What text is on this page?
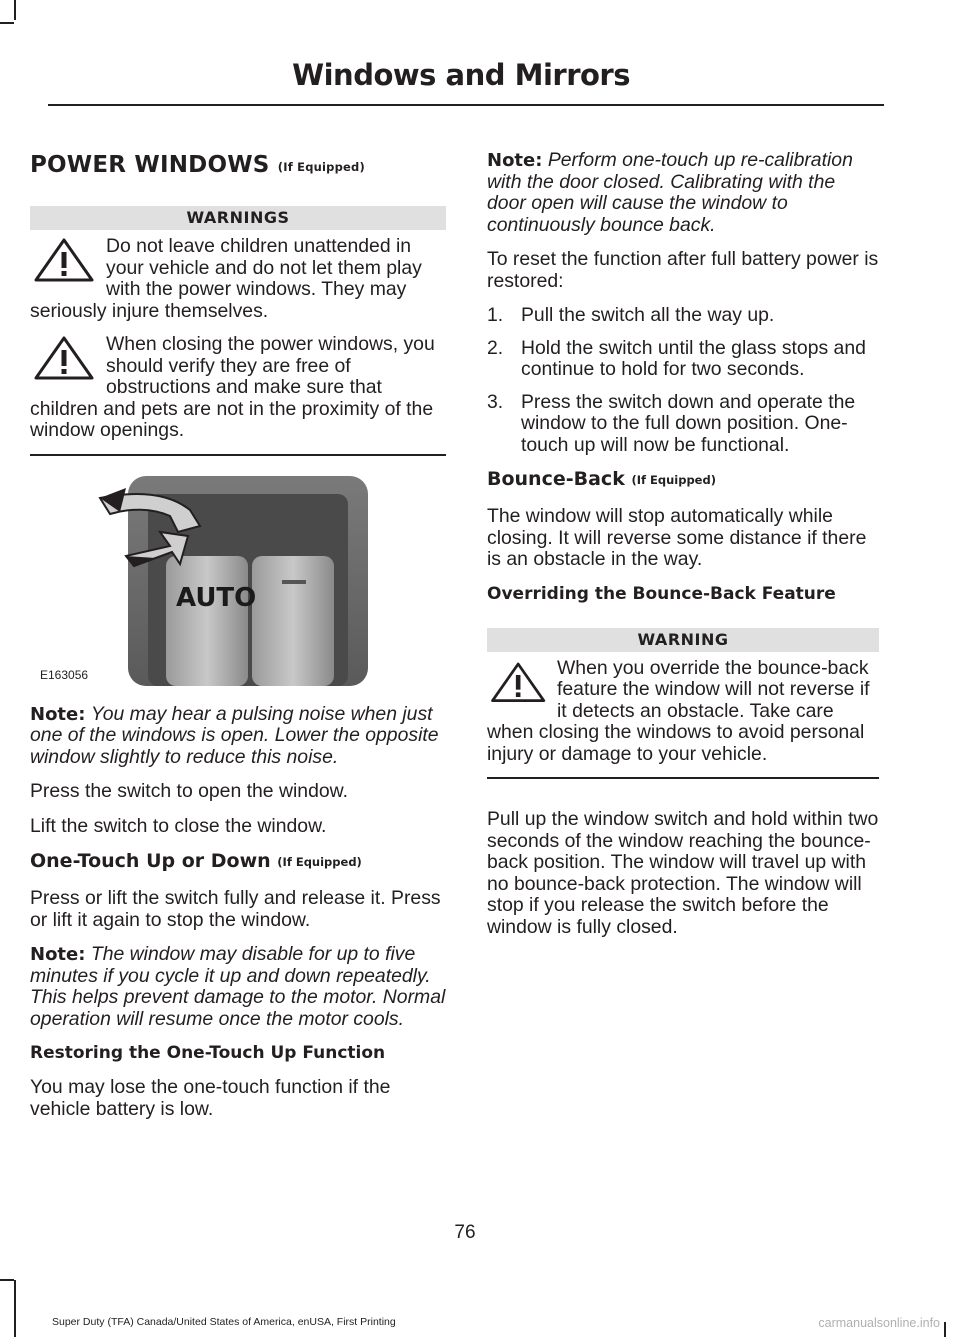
Windows and Mirrors
POWER WINDOWS (If Equipped)
WARNINGS

Do not leave children unattended in your vehicle and do not let them play with the power windows. They may seriously injure themselves.

When closing the power windows, you should verify they are free of obstructions and make sure that children and pets are not in the proximity of the window openings.

AUTO
E163056

Note: You may hear a pulsing noise when just one of the windows is open. Lower the opposite window slightly to reduce this noise.

Press the switch to open the window.

Lift the switch to close the window.

One-Touch Up or Down (If Equipped)

Press or lift the switch fully and release it. Press or lift it again to stop the window.

Note: The window may disable for up to five minutes if you cycle it up and down repeatedly. This helps prevent damage to the motor. Normal operation will resume once the motor cools.

Restoring the One-Touch Up Function

You may lose the one-touch function if the vehicle battery is low.

Note: Perform one-touch up re-calibration with the door closed. Calibrating with the door open will cause the window to continuously bounce back.

To reset the function after full battery power is restored:

1. Pull the switch all the way up.
2. Hold the switch until the glass stops and continue to hold for two seconds.
3. Press the switch down and operate the window to the full down position. One-touch up will now be functional.
Bounce-Back (If Equipped)

The window will stop automatically while closing. It will reverse some distance if there is an obstacle in the way.

Overriding the Bounce-Back Feature
WARNING

When you override the bounce-back feature the window will not reverse if it detects an obstacle. Take care when closing the windows to avoid personal injury or damage to your vehicle.

Pull up the window switch and hold within two seconds of the window reaching the bounce-back position. The window will travel up with no bounce-back protection. The window will stop if you release the switch before the window is fully closed.

76
Super Duty (TFA) Canada/United States of America, enUSA, First Printing	carmanualsonline.info
